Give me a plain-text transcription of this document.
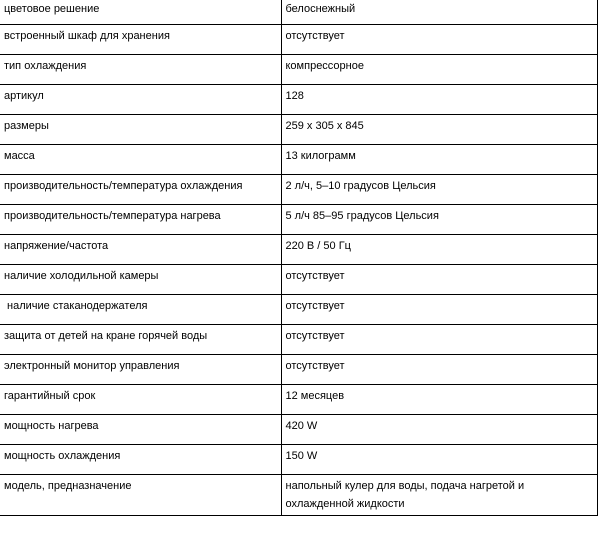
цветовое решение	белоснежный

встроенный шкаф для хранения	отсутствует

тип охлаждения	компрессорное

артикул	128

размеры	259 x 305 x 845

масса	13 килограмм

производительность/температура охлаждения	2 л/ч, 5–10 градусов Цельсия

производительность/температура нагрева	5 л/ч 85–95 градусов Цельсия

напряжение/частота	220 В / 50 Гц

наличие холодильной камеры	отсутствует

наличие стаканодержателя	отсутствует

защита от детей на кране горячей воды	отсутствует

электронный монитор управления	отсутствует

гарантийный срок	12 месяцев

мощность нагрева	420 W

мощность охлаждения	150 W

модель, предназначение	напольный кулер для воды, подача нагретой и охлажденной жидкости
